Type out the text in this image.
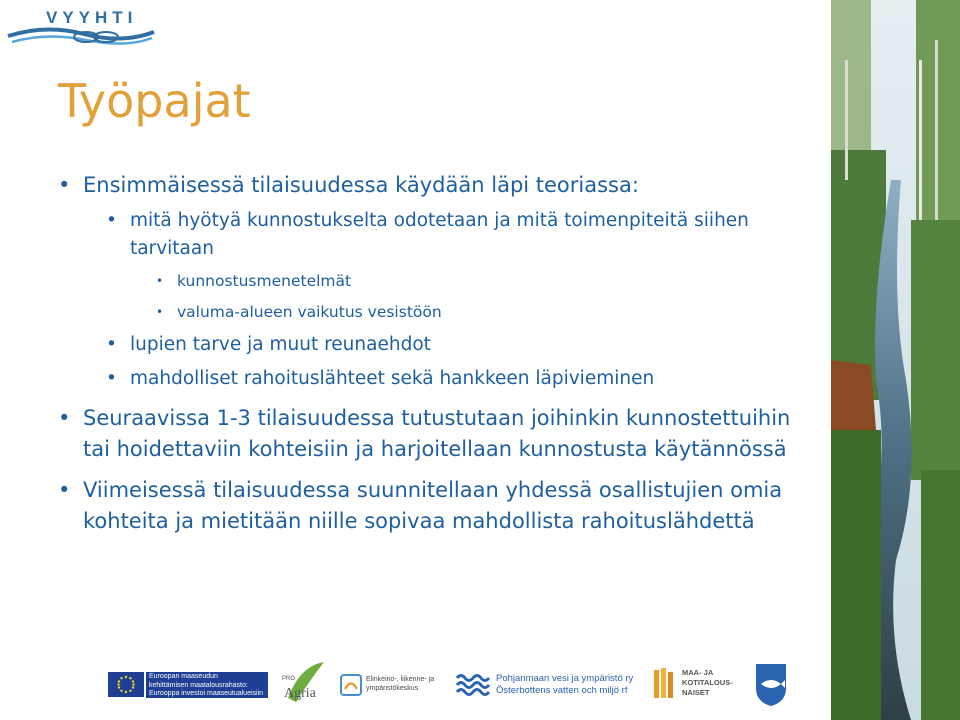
VYYHTI
Työpajat
• Ensimmäisessä tilaisuudessa käydään läpi teoriassa:
• mitä hyötyä kunnostukselta odotetaan ja mitä toimenpiteitä siihen tarvitaan
• kunnostusmenetelmät
• valuma-alueen vaikutus vesistöön
• lupien tarve ja muut reunaehdot
• mahdolliset rahoituslähteet sekä hankkeen läpivieminen
• Seuraavissa 1-3 tilaisuudessa tutustutaan joihinkin kunnostettuihin tai hoidettaviin kohteisiin ja harjoitellaan kunnostusta käytännössä
• Viimeisessä tilaisuudessa suunnitellaan yhdessä osallistujien omia kohteita ja mietitään niille sopivaa mahdollista rahoituslähdettä
Euroopan maaseudun
kehittämisen maatalousrahasto:
Eurooppa investoi maaseutualueisiin
PRO
Agria
Elinkeino-, liikenne- ja
ympäristökeskus
Pohjanmaan vesi ja ympäristö ry
Österbottens vatten och miljö rf
MAA- JA
KOTITALOUS-
NAISET
